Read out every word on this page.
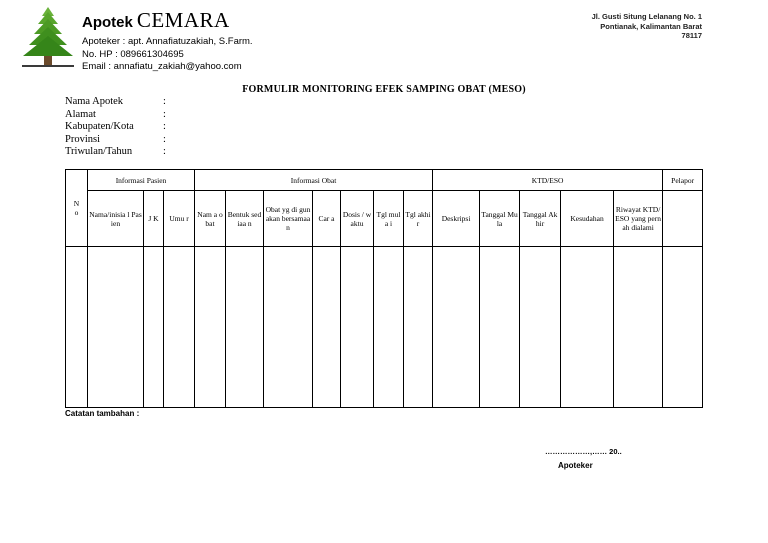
Apotek CEMARA
Apoteker : apt. Annafiatuzakiah, S.Farm.
No. HP : 089661304695
Email : annafiatu_zakiah@yahoo.com
Jl. Gusti Situng Lelanang No. 1
Pontianak, Kalimantan Barat
78117
FORMULIR MONITORING EFEK SAMPING OBAT (MESO)
Nama Apotek	:
Alamat	:
Kabupaten/Kota	:
Provinsi	:
Triwulan/Tahun	:
N
o	Informasi Pasien			Informasi Obat							KTD/ESO					Pelapor
	Nama/inisia l Pasien	J K	Umu r	Nam a obat	Bentuk sediaa n	Obat yg di gunakan bersamaa n	Car a	Dosis / waktu	Tgl mula i	Tgl akhir	Deskripsi	Tanggal Mula	Tanggal Akhir	Kesudahan	Riwayat KTD/ESO yang pernah dialami	

Catatan tambahan :
………………,…… 20..
Apoteker
